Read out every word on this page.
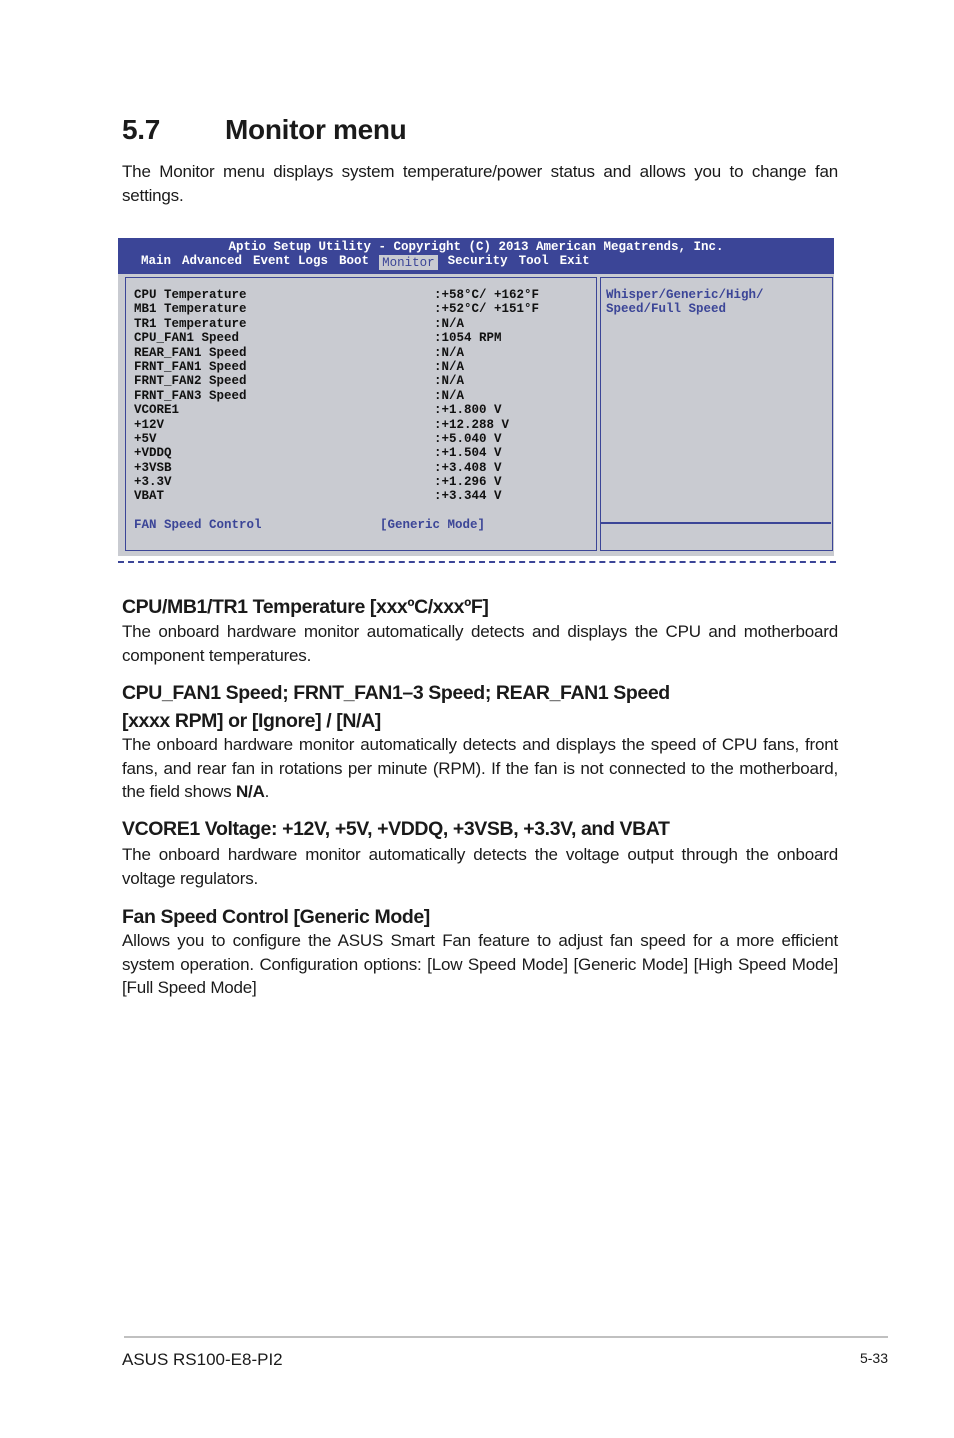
5.7 Monitor menu
The Monitor menu displays system temperature/power status and allows you to change fan settings.
Aptio Setup Utility - Copyright (C) 2013 American Megatrends, Inc.
Main Advanced Event Logs Boot Monitor Security Tool Exit
CPU Temperature	:+58°C/ +162°F
MB1 Temperature	:+52°C/ +151°F
TR1 Temperature	:N/A
CPU_FAN1 Speed	:1054 RPM
REAR_FAN1 Speed	:N/A
FRNT_FAN1 Speed	:N/A
FRNT_FAN2 Speed	:N/A
FRNT_FAN3 Speed	:N/A
VCORE1	:+1.800 V
+12V	:+12.288 V
+5V	:+5.040 V
+VDDQ	:+1.504 V
+3VSB	:+3.408 V
+3.3V	:+1.296 V
VBAT	:+3.344 V
FAN Speed Control	[Generic Mode]
Whisper/Generic/High/ Speed/Full Speed
CPU/MB1/TR1 Temperature [xxxºC/xxxºF]
The onboard hardware monitor automatically detects and displays the CPU and motherboard component temperatures.
CPU_FAN1 Speed; FRNT_FAN1–3 Speed; REAR_FAN1 Speed
[xxxx RPM] or [Ignore] / [N/A]
The onboard hardware monitor automatically detects and displays the speed of CPU fans, front fans, and rear fan in rotations per minute (RPM). If the fan is not connected to the motherboard, the field shows N/A.
VCORE1 Voltage: +12V, +5V, +VDDQ, +3VSB, +3.3V, and VBAT
The onboard hardware monitor automatically detects the voltage output through the onboard voltage regulators.
Fan Speed Control [Generic Mode]
Allows you to configure the ASUS Smart Fan feature to adjust fan speed for a more efficient system operation. Configuration options: [Low Speed Mode] [Generic Mode] [High Speed Mode] [Full Speed Mode]
ASUS RS100-E8-PI2	5-33
